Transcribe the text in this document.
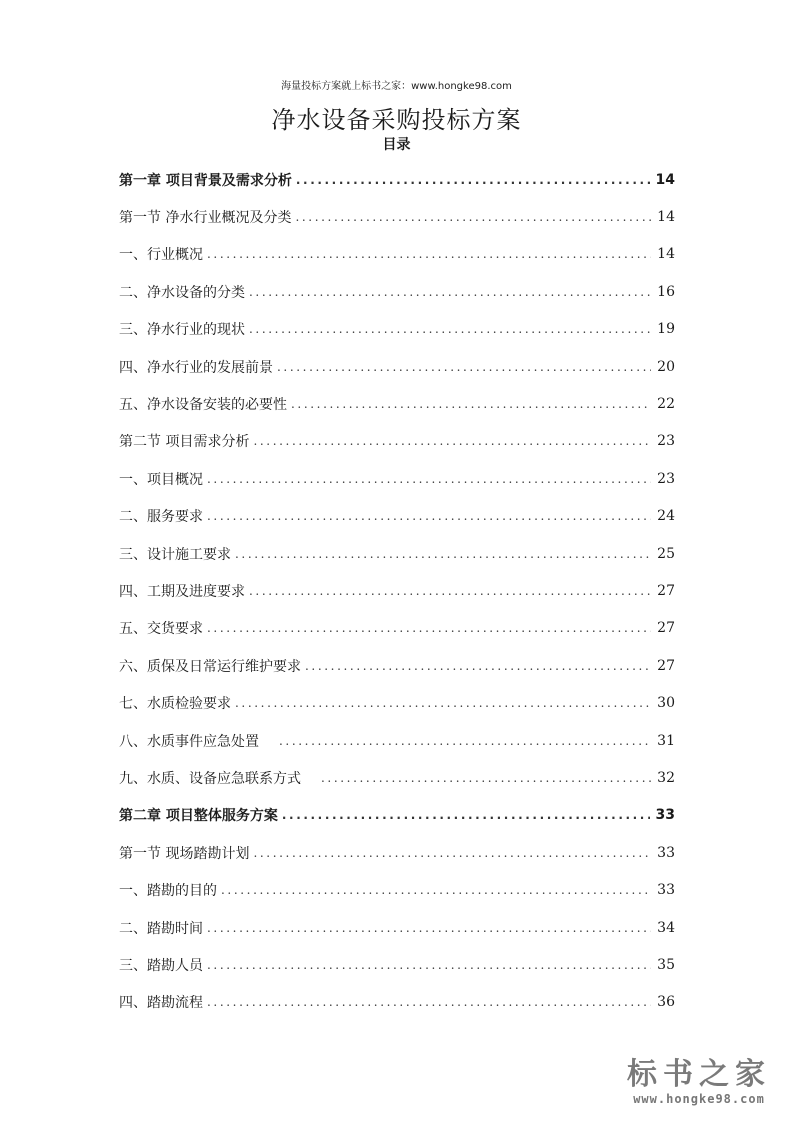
海量投标方案就上标书之家：www.hongke98.com
净水设备采购投标方案
目录
第一章 项目背景及需求分析 .....	14
第一节 净水行业概况及分类 .....	14
一、行业概况 .....	14
二、净水设备的分类 .....	16
三、净水行业的现状 .....	19
四、净水行业的发展前景 .....	20
五、净水设备安装的必要性 .....	22
第二节 项目需求分析 .....	23
一、项目概况 .....	23
二、服务要求 .....	24
三、设计施工要求 .....	25
四、工期及进度要求 .....	27
五、交货要求 .....	27
六、质保及日常运行维护要求 .....	27
七、水质检验要求 .....	30
八、水质事件应急处置 .....	31
九、水质、设备应急联系方式 .....	32
第二章 项目整体服务方案 .....	33
第一节 现场踏勘计划 .....	33
一、踏勘的目的 .....	33
二、踏勘时间 .....	34
三、踏勘人员 .....	35
四、踏勘流程 .....	36
标书之家
www.hongke98.com
